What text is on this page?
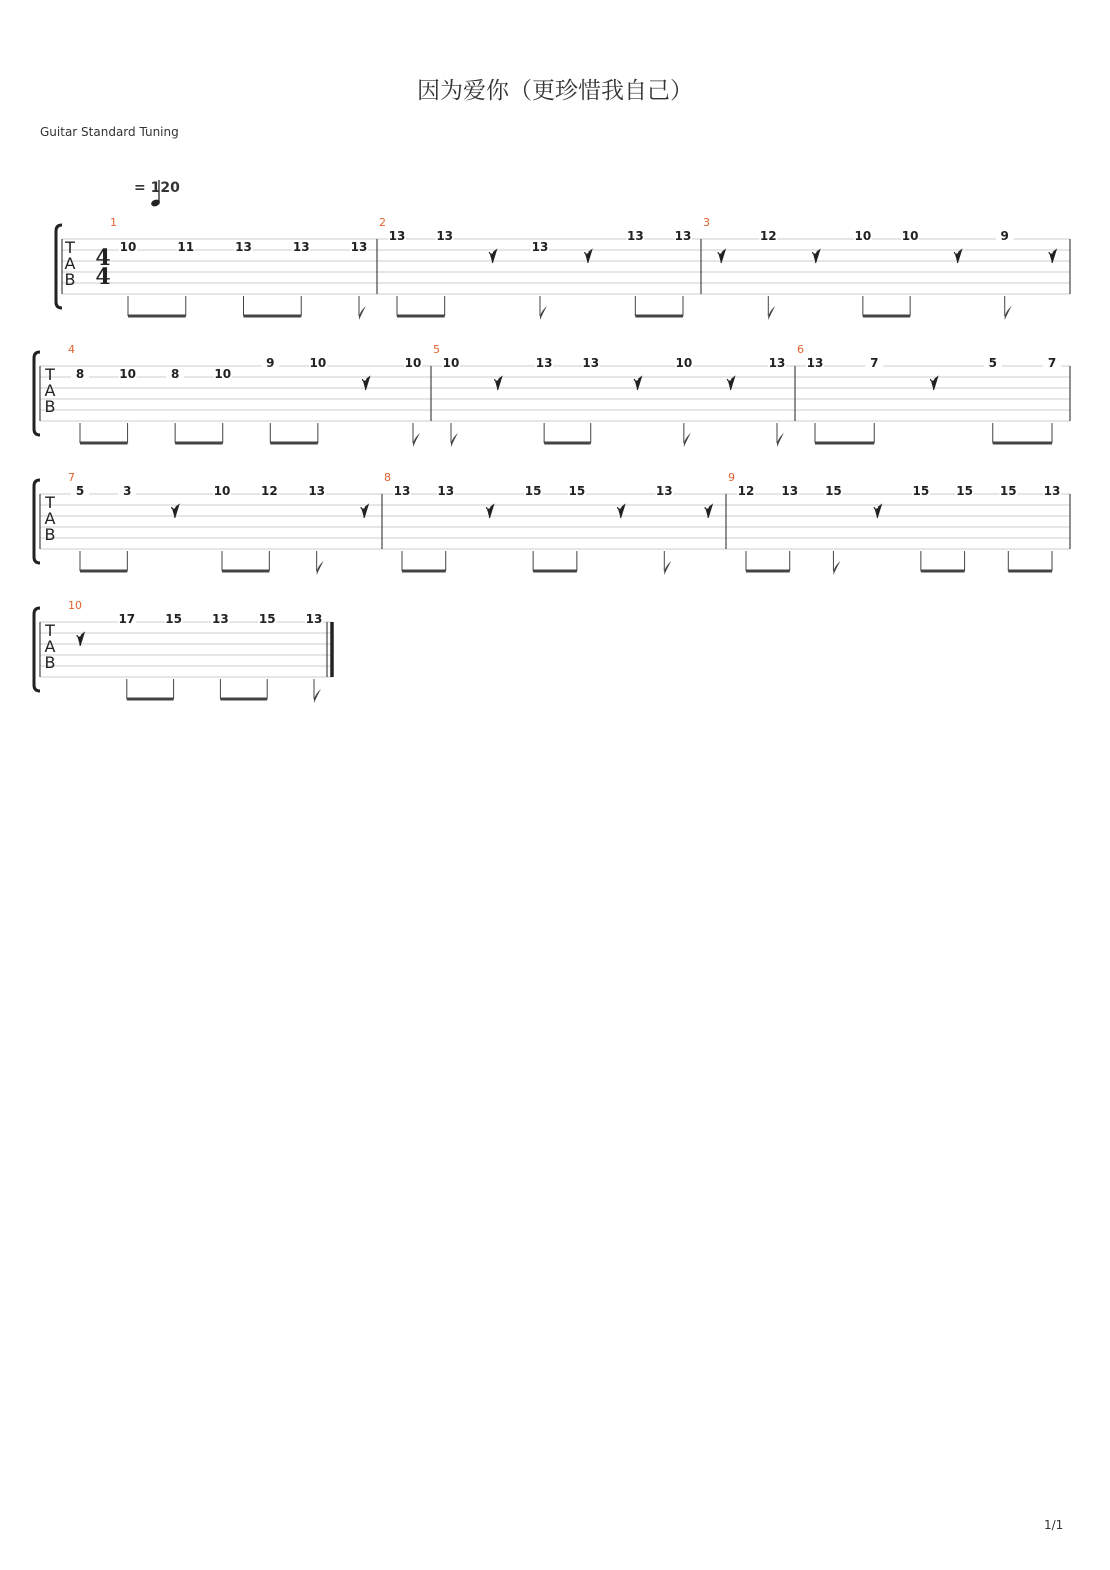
因为爱你（更珍惜我自己）
Guitar Standard Tuning
= 120
T
A
B
4
4
1
10	11	13	13	13
2
13	13
13
13	13
3
12	10	10	9
T
A
B
4
8	10	8	10
9	10	10
5
10	13 13	10	13
6
13	7	5	7
T
A
B
7
5	3	10	12	13
8
13 13	15 15	13
9
12 13 15	15 15 15 13
T
A
B
10
17	15	13	15	13
1/1
